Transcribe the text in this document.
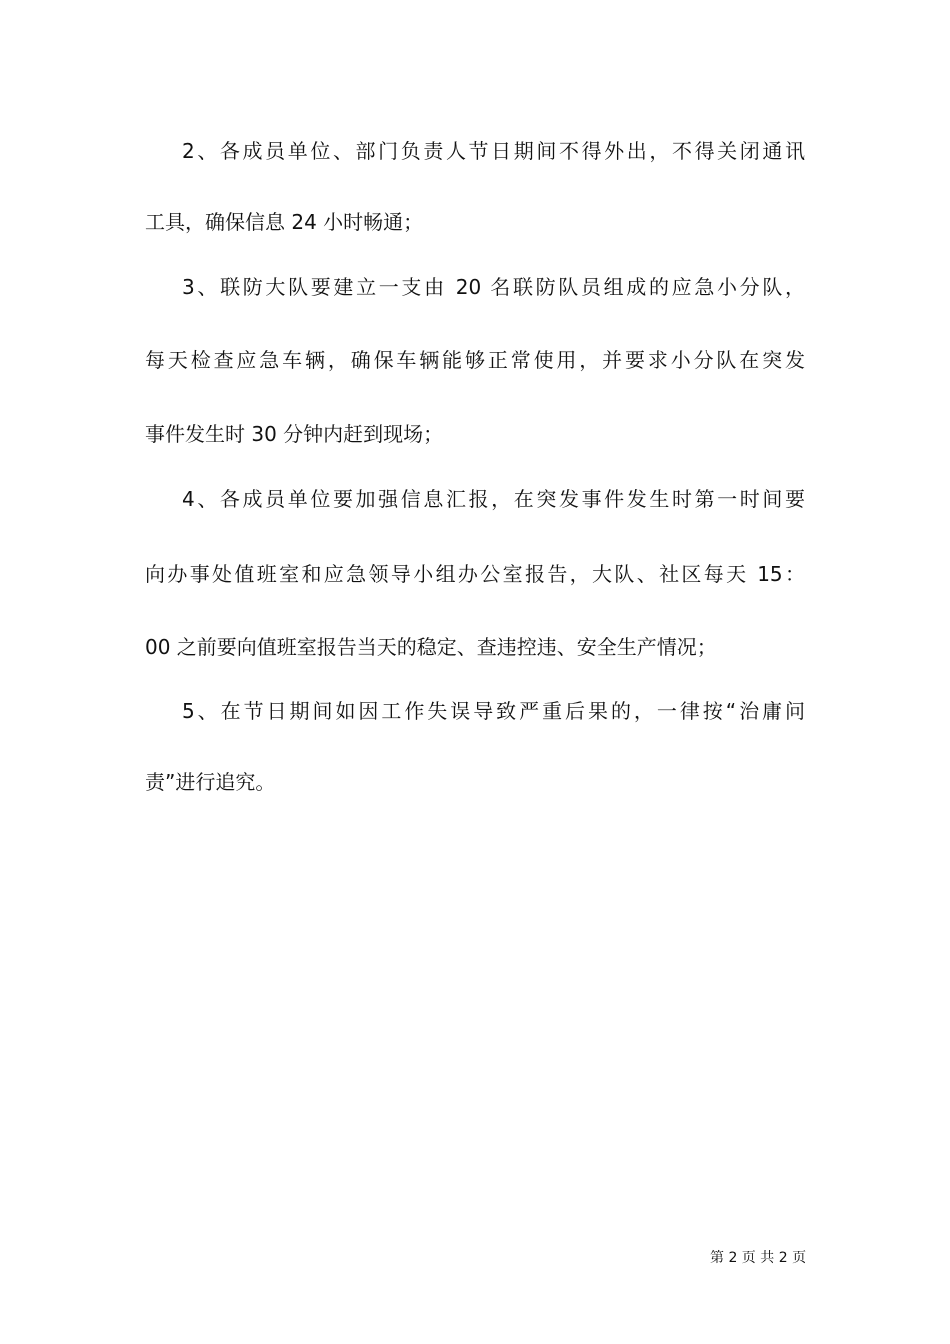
2、各成员单位、部门负责人节日期间不得外出，不得关闭通讯
工具，确保信息 24 小时畅通；
3、联防大队要建立一支由 20 名联防队员组成的应急小分队，
每天检查应急车辆，确保车辆能够正常使用，并要求小分队在突发
事件发生时 30 分钟内赶到现场；
4、各成员单位要加强信息汇报，在突发事件发生时第一时间要
向办事处值班室和应急领导小组办公室报告，大队、社区每天 15：
00 之前要向值班室报告当天的稳定、查违控违、安全生产情况；
5、在节日期间如因工作失误导致严重后果的，一律按“治庸问
责”进行追究。
第 2 页 共 2 页
